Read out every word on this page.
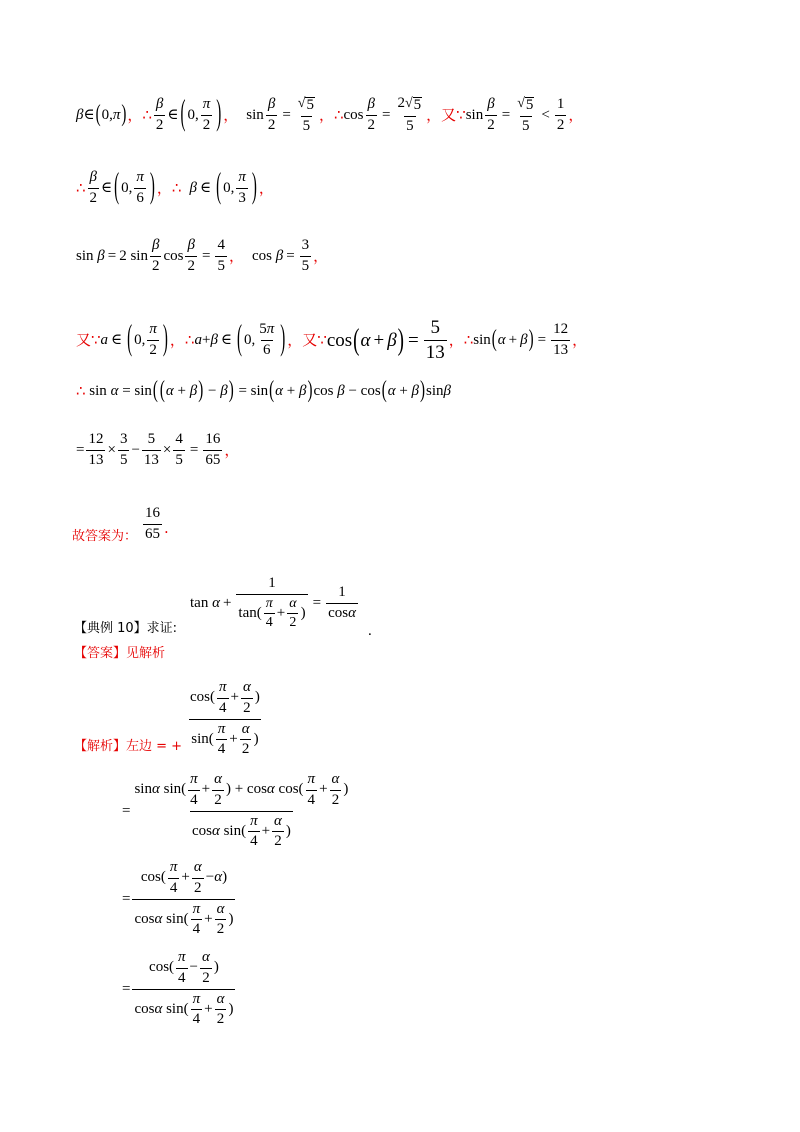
β∈(0,π) ，∴ $\frac{\beta}{2}$ ∈ ( 0, $\frac{\pi}{2}$ ) ， $\sin \frac{\beta}{2} = \frac{√ 5}{5}$ ，∴ $\cos \frac{\beta}{2} = \frac{2 √ 5}{5}$ ，又∵ $\sin \frac{\beta}{2} = \frac{√ 5}{5} < \frac{1}{2}$ ，
∴ $\frac{\beta}{2}$ ∈ ( 0, $\frac{\pi}{6}$ ) ，∴ β ∈ ( 0, $\frac{\pi}{3}$ ) ，
sin
β = 2 $\sin \frac{\beta}{2}$ $\cos \frac{\beta}{2} = \frac{4}{5}$ ， cos
$\beta = \frac{3}{5}$ ，
又∵ a ∈ ( 0, $\frac{\pi}{2}$ ) ，∴ a + β ∈ ( 0, $\frac{5\pi}{6}$ ) ，又∵ cos ( α + β ) = $\frac{5}{13}$ ，∴ sin ( α + β ) = $\frac{12}{13}$ ，
∴ sin α = sin( (α + β) − β) = sin(α + β)cos β − cos(α + β)sinβ
= $\frac{12}{13} \times \frac{3}{5} - \frac{5}{13} \times \frac{4}{5} = \frac{16}{65}$ ，
故答案为： $\frac{16}{65}$ .
$\tan \alpha + \frac{1}{\tan( \frac{\pi}{4} + \frac{\alpha}{2} )} = \frac{1}{\cos\alpha}$
【典例 10】求证:	.
【答案】见解析
$\frac{\cos( \frac{\pi}{4} + \frac{\alpha}{2} )}{\sin( \frac{\pi}{4} + \frac{\alpha}{2} )}$
【解析】左边 = +
= $\frac{\sin \alpha \sin( \frac{\pi}{4} + \frac{\alpha}{2} ) + \cos \alpha \cos( \frac{\pi}{4} + \frac{\alpha}{2} )}{\cos \alpha \sin( \frac{\pi}{4} + \frac{\alpha}{2} )}$
= $\frac{\cos( \frac{\pi}{4} + \frac{\alpha}{2} - \alpha )}{\cos \alpha \sin( \frac{\pi}{4} + \frac{\alpha}{2} )}$
= $\frac{\cos( \frac{\pi}{4} - \frac{\alpha}{2} )}{\cos \alpha \sin( \frac{\pi}{4} + \frac{\alpha}{2} )}$
